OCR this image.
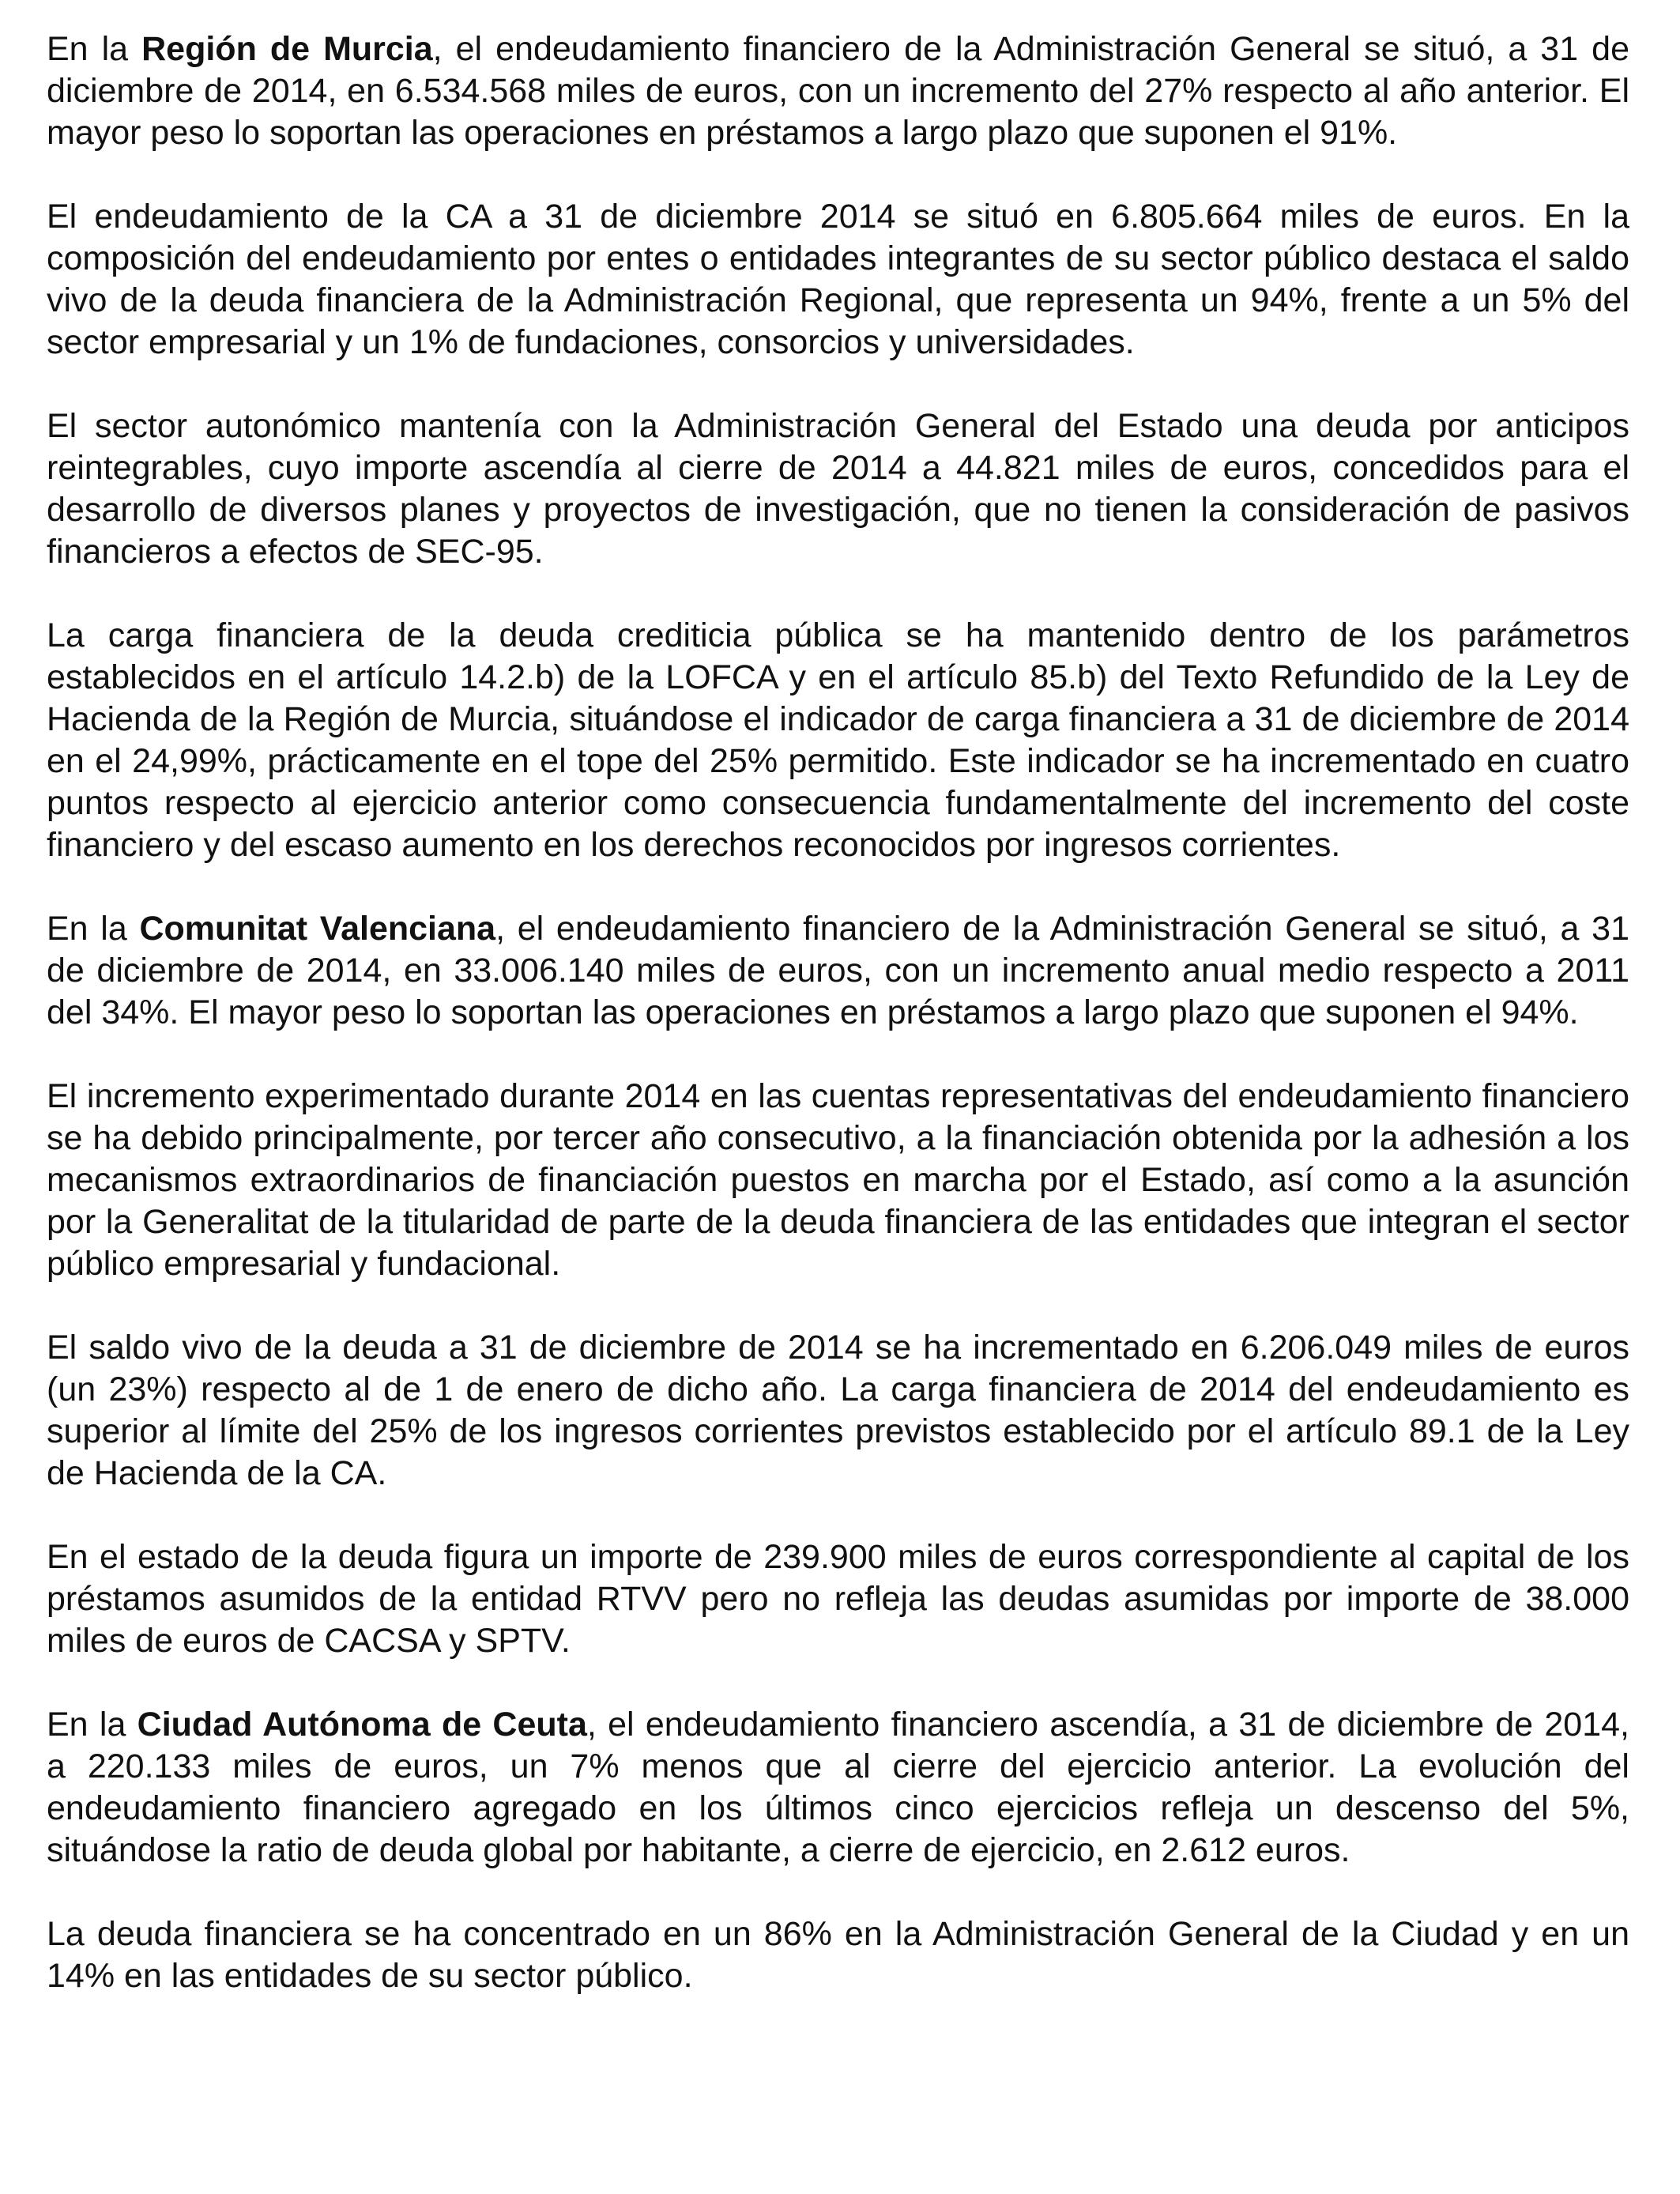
En la Región de Murcia, el endeudamiento financiero de la Administración General se situó, a 31 de diciembre de 2014, en 6.534.568 miles de euros, con un incremento del 27% respecto al año anterior. El mayor peso lo soportan las operaciones en préstamos a largo plazo que suponen el 91%.

El endeudamiento de la CA a 31 de diciembre 2014 se situó en 6.805.664 miles de euros. En la composición del endeudamiento por entes o entidades integrantes de su sector público destaca el saldo vivo de la deuda financiera de la Administración Regional, que representa un 94%, frente a un 5% del sector empresarial y un 1% de fundaciones, consorcios y universidades.

El sector autonómico mantenía con la Administración General del Estado una deuda por anticipos reintegrables, cuyo importe ascendía al cierre de 2014 a 44.821 miles de euros, concedidos para el desarrollo de diversos planes y proyectos de investigación, que no tienen la consideración de pasivos financieros a efectos de SEC-95.

La carga financiera de la deuda crediticia pública se ha mantenido dentro de los parámetros establecidos en el artículo 14.2.b) de la LOFCA y en el artículo 85.b) del Texto Refundido de la Ley de Hacienda de la Región de Murcia, situándose el indicador de carga financiera a 31 de diciembre de 2014 en el 24,99%, prácticamente en el tope del 25% permitido. Este indicador se ha incrementado en cuatro puntos respecto al ejercicio anterior como consecuencia fundamentalmente del incremento del coste financiero y del escaso aumento en los derechos reconocidos por ingresos corrientes.

En la Comunitat Valenciana, el endeudamiento financiero de la Administración General se situó, a 31 de diciembre de 2014, en 33.006.140 miles de euros, con un incremento anual medio respecto a 2011 del 34%. El mayor peso lo soportan las operaciones en préstamos a largo plazo que suponen el 94%.

El incremento experimentado durante 2014 en las cuentas representativas del endeudamiento financiero se ha debido principalmente, por tercer año consecutivo, a la financiación obtenida por la adhesión a los mecanismos extraordinarios de financiación puestos en marcha por el Estado, así como a la asunción por la Generalitat de la titularidad de parte de la deuda financiera de las entidades que integran el sector público empresarial y fundacional.

El saldo vivo de la deuda a 31 de diciembre de 2014 se ha incrementado en 6.206.049 miles de euros (un 23%) respecto al de 1 de enero de dicho año. La carga financiera de 2014 del endeudamiento es superior al límite del 25% de los ingresos corrientes previstos establecido por el artículo 89.1 de la Ley de Hacienda de la CA.

En el estado de la deuda figura un importe de 239.900 miles de euros correspondiente al capital de los préstamos asumidos de la entidad RTVV pero no refleja las deudas asumidas por importe de 38.000 miles de euros de CACSA y SPTV.

En la Ciudad Autónoma de Ceuta, el endeudamiento financiero ascendía, a 31 de diciembre de 2014, a 220.133 miles de euros, un 7% menos que al cierre del ejercicio anterior. La evolución del endeudamiento financiero agregado en los últimos cinco ejercicios refleja un descenso del 5%, situándose la ratio de deuda global por habitante, a cierre de ejercicio, en 2.612 euros.

La deuda financiera se ha concentrado en un 86% en la Administración General de la Ciudad y en un 14% en las entidades de su sector público.
